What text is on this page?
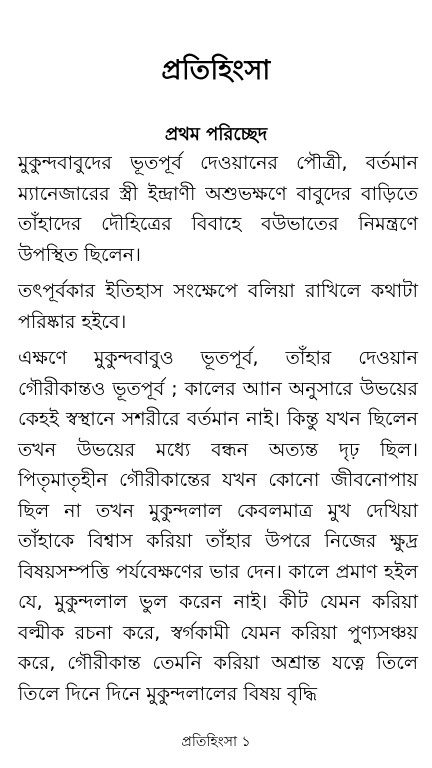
প্রতিহিংসা
প্রথম পরিচ্ছেদ

মুকুন্দবাবুদের ভূতপূর্ব দেওয়ানের পৌত্রী, বর্তমান ম্যানেজারের স্ত্রী ইন্দ্রাণী অশুভক্ষণে বাবুদের বাড়িতে তাঁহাদের দৌহিত্রের বিবাহে বউভাতের নিমন্ত্রণে উপস্থিত ছিলেন।

তৎপূর্বকার ইতিহাস সংক্ষেপে বলিয়া রাখিলে কথাটা পরিষ্কার হইবে।

এক্ষণে মুকুন্দবাবুও ভূতপূর্ব, তাঁহার দেওয়ান গৌরীকান্তও ভূতপূর্ব ; কালের আান অনুসারে উভয়ের কেহই স্বস্থানে সশরীরে বর্তমান নাই। কিন্তু যখন ছিলেন তখন উভয়ের মধ্যে বন্ধন অত্যন্ত দৃঢ় ছিল। পিতৃমাতৃহীন গৌরীকান্তের যখন কোনো জীবনোপায় ছিল না তখন মুকুন্দলাল কেবলমাত্র মুখ দেখিয়া তাঁহাকে বিশ্বাস করিয়া তাঁহার উপরে নিজের ক্ষুদ্র বিষয়সম্পত্তি পর্যবেক্ষণের ভার দেন। কালে প্রমাণ হইল যে, মুকুন্দলাল ভুল করেন নাই। কীট যেমন করিয়া বল্মীক রচনা করে, স্বর্গকামী যেমন করিয়া পুণ্যসঞ্চয় করে, গৌরীকান্ত তেমনি করিয়া অশ্রান্ত যত্নে তিলে তিলে দিনে দিনে মুকুন্দলালের বিষয় বৃদ্ধি

প্রতিহিংসা ১
